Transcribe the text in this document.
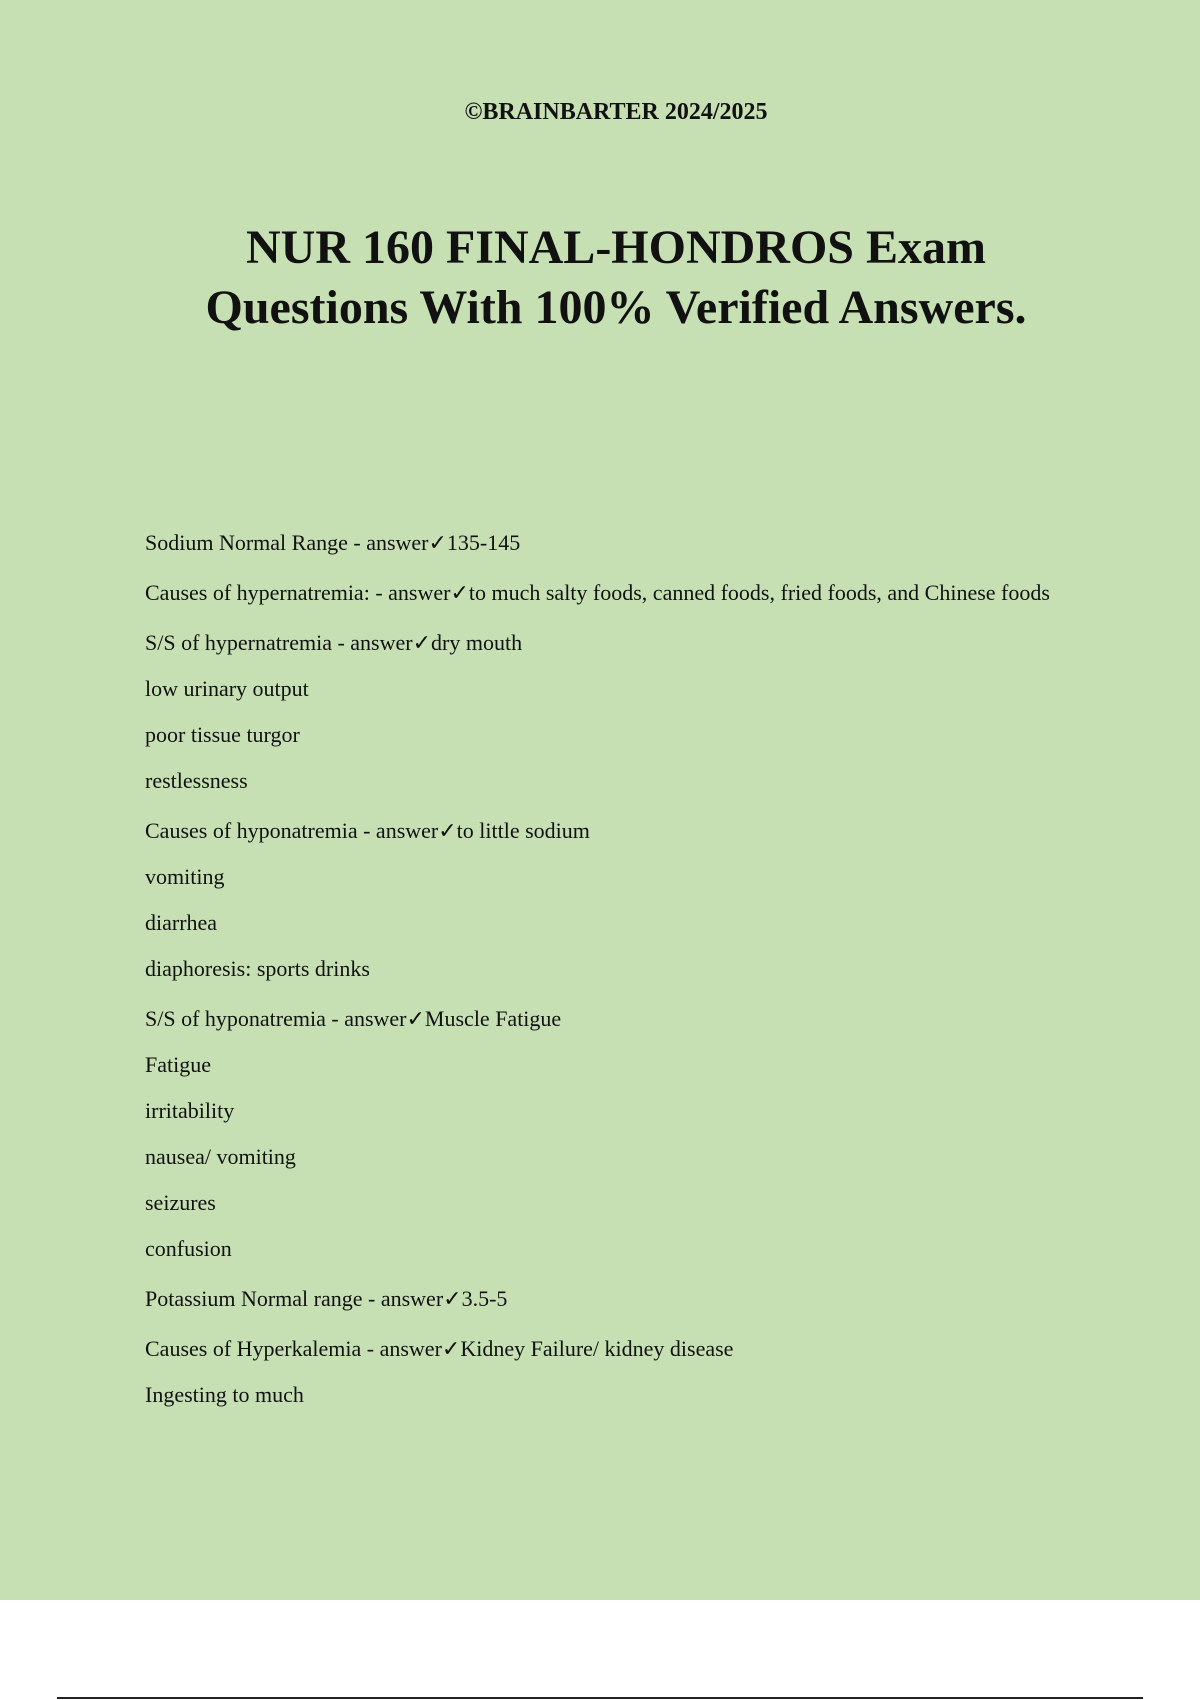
©BRAINBARTER 2024/2025

NUR 160 FINAL-HONDROS Exam
Questions With 100% Verified Answers.
Sodium Normal Range - answer✓135-145
Causes of hypernatremia: - answer✓to much salty foods, canned foods, fried foods, and Chinese foods
S/S of hypernatremia - answer✓dry mouth
low urinary output
poor tissue turgor
restlessness
Causes of hyponatremia - answer✓to little sodium
vomiting
diarrhea
diaphoresis: sports drinks
S/S of hyponatremia - answer✓Muscle Fatigue
Fatigue
irritability
nausea/ vomiting
seizures
confusion
Potassium Normal range - answer✓3.5-5
Causes of Hyperkalemia - answer✓Kidney Failure/ kidney disease
Ingesting to much
